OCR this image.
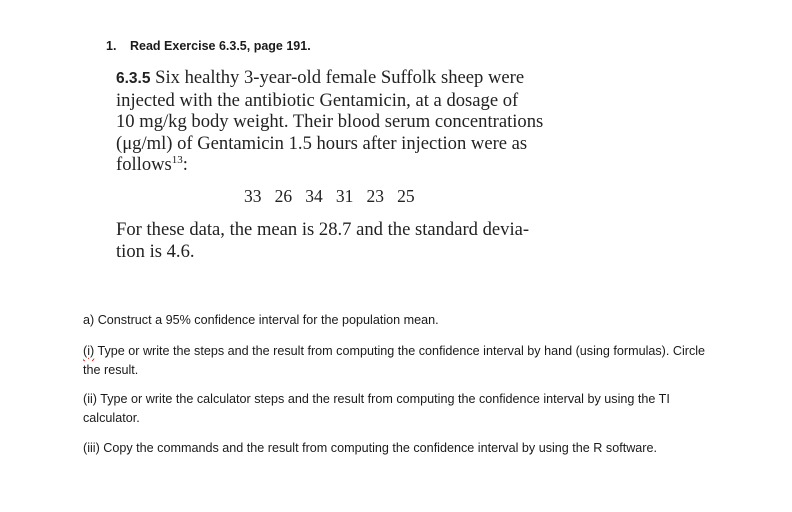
1. Read Exercise 6.3.5, page 191.
6.3.5 Six healthy 3-year-old female Suffolk sheep were
injected with the antibiotic Gentamicin, at a dosage of
10 mg/kg body weight. Their blood serum concentrations
(μg/ml) of Gentamicin 1.5 hours after injection were as
follows$^{13}$:
33   26   34   31   23   25
For these data, the mean is 28.7 and the standard devia-
tion is 4.6.
a) Construct a 95% confidence interval for the population mean.
(i) Type or write the steps and the result from computing the confidence interval by hand (using formulas). Circle the result.
(ii) Type or write the calculator steps and the result from computing the confidence interval by using the TI calculator.
(iii) Copy the commands and the result from computing the confidence interval by using the R software.
